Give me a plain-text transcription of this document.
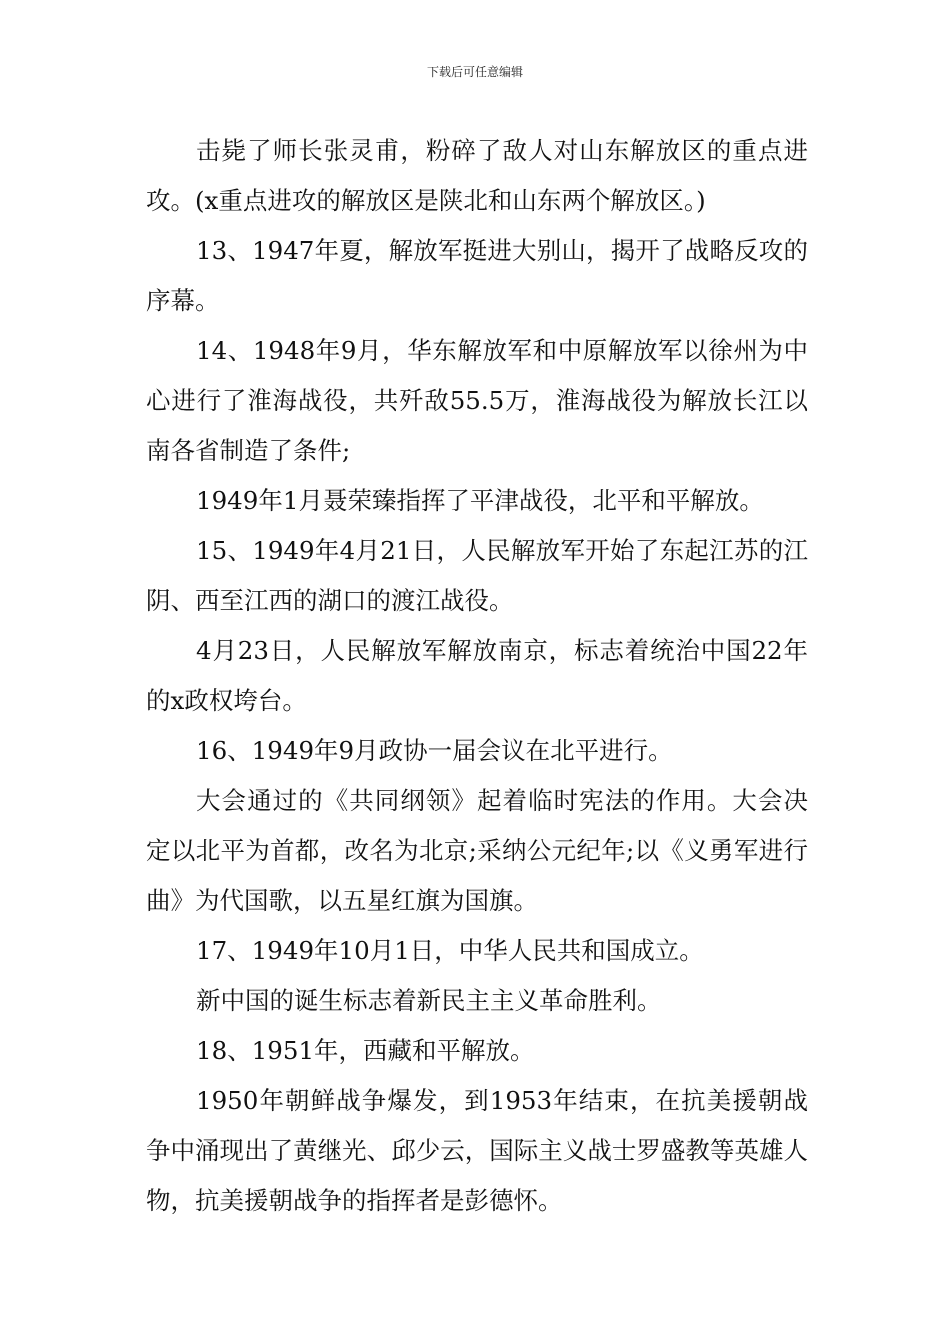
下载后可任意编辑

击毙了师长张灵甫，粉碎了敌人对山东解放区的重点进攻。(x重点进攻的解放区是陕北和山东两个解放区。)

13、1947年夏，解放军挺进大别山，揭开了战略反攻的序幕。

14、1948年9月，华东解放军和中原解放军以徐州为中心进行了淮海战役，共歼敌55.5万，淮海战役为解放长江以南各省制造了条件;

1949年1月聂荣臻指挥了平津战役，北平和平解放。

15、1949年4月21日，人民解放军开始了东起江苏的江阴、西至江西的湖口的渡江战役。

4月23日，人民解放军解放南京，标志着统治中国22年的x政权垮台。

16、1949年9月政协一届会议在北平进行。

大会通过的《共同纲领》起着临时宪法的作用。大会决定以北平为首都，改名为北京;采纳公元纪年;以《义勇军进行曲》为代国歌，以五星红旗为国旗。

17、1949年10月1日，中华人民共和国成立。

新中国的诞生标志着新民主主义革命胜利。

18、1951年，西藏和平解放。

1950年朝鲜战争爆发，到1953年结束，在抗美援朝战争中涌现出了黄继光、邱少云，国际主义战士罗盛教等英雄人物，抗美援朝战争的指挥者是彭德怀。
